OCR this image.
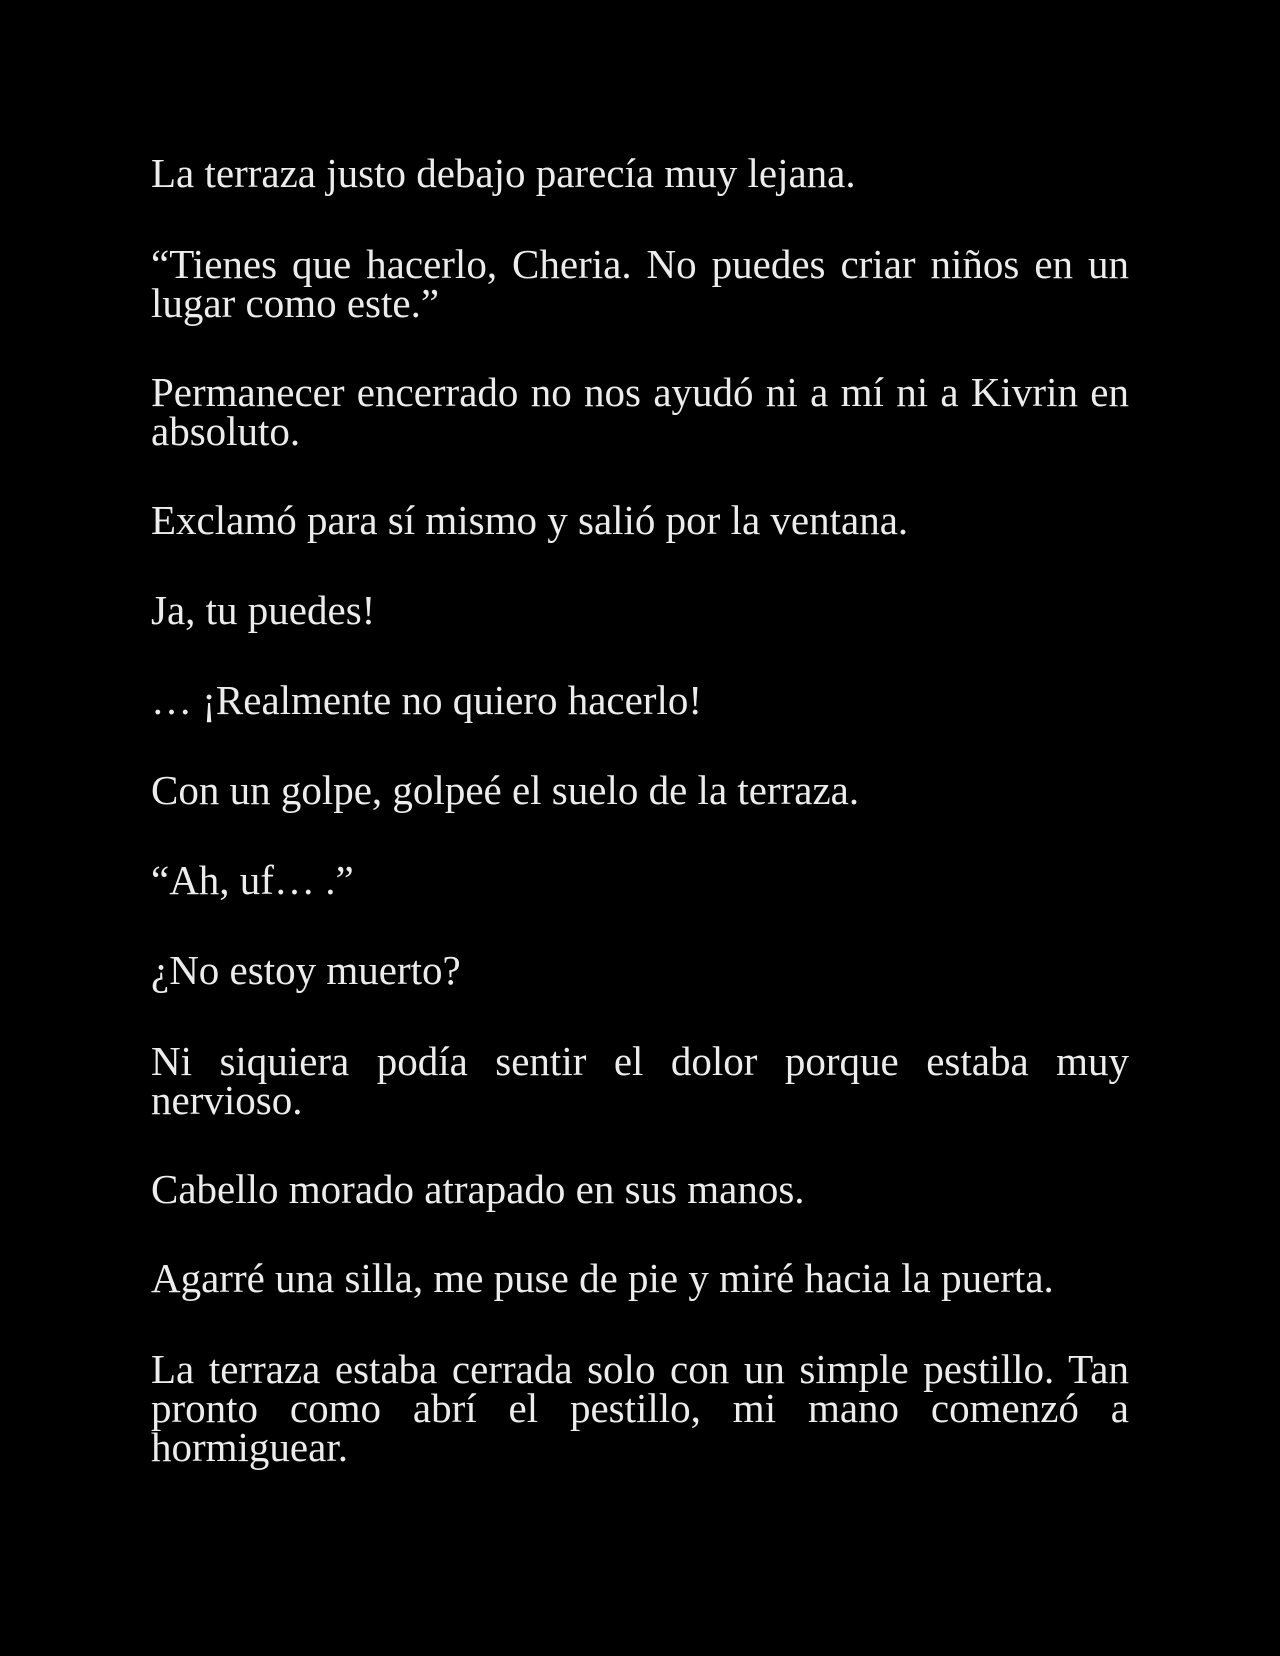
La terraza justo debajo parecía muy lejana.

“Tienes que hacerlo, Cheria. No puedes criar niños en un lugar como este.”

Permanecer encerrado no nos ayudó ni a mí ni a Kivrin en absoluto.

Exclamó para sí mismo y salió por la ventana.

Ja, tu puedes!

… ¡Realmente no quiero hacerlo!

Con un golpe, golpeé el suelo de la terraza.

“Ah, uf… .”

¿No estoy muerto?

Ni siquiera podía sentir el dolor porque estaba muy nervioso.

Cabello morado atrapado en sus manos.

Agarré una silla, me puse de pie y miré hacia la puerta.

La terraza estaba cerrada solo con un simple pestillo. Tan pronto como abrí el pestillo, mi mano comenzó a hormiguear.
